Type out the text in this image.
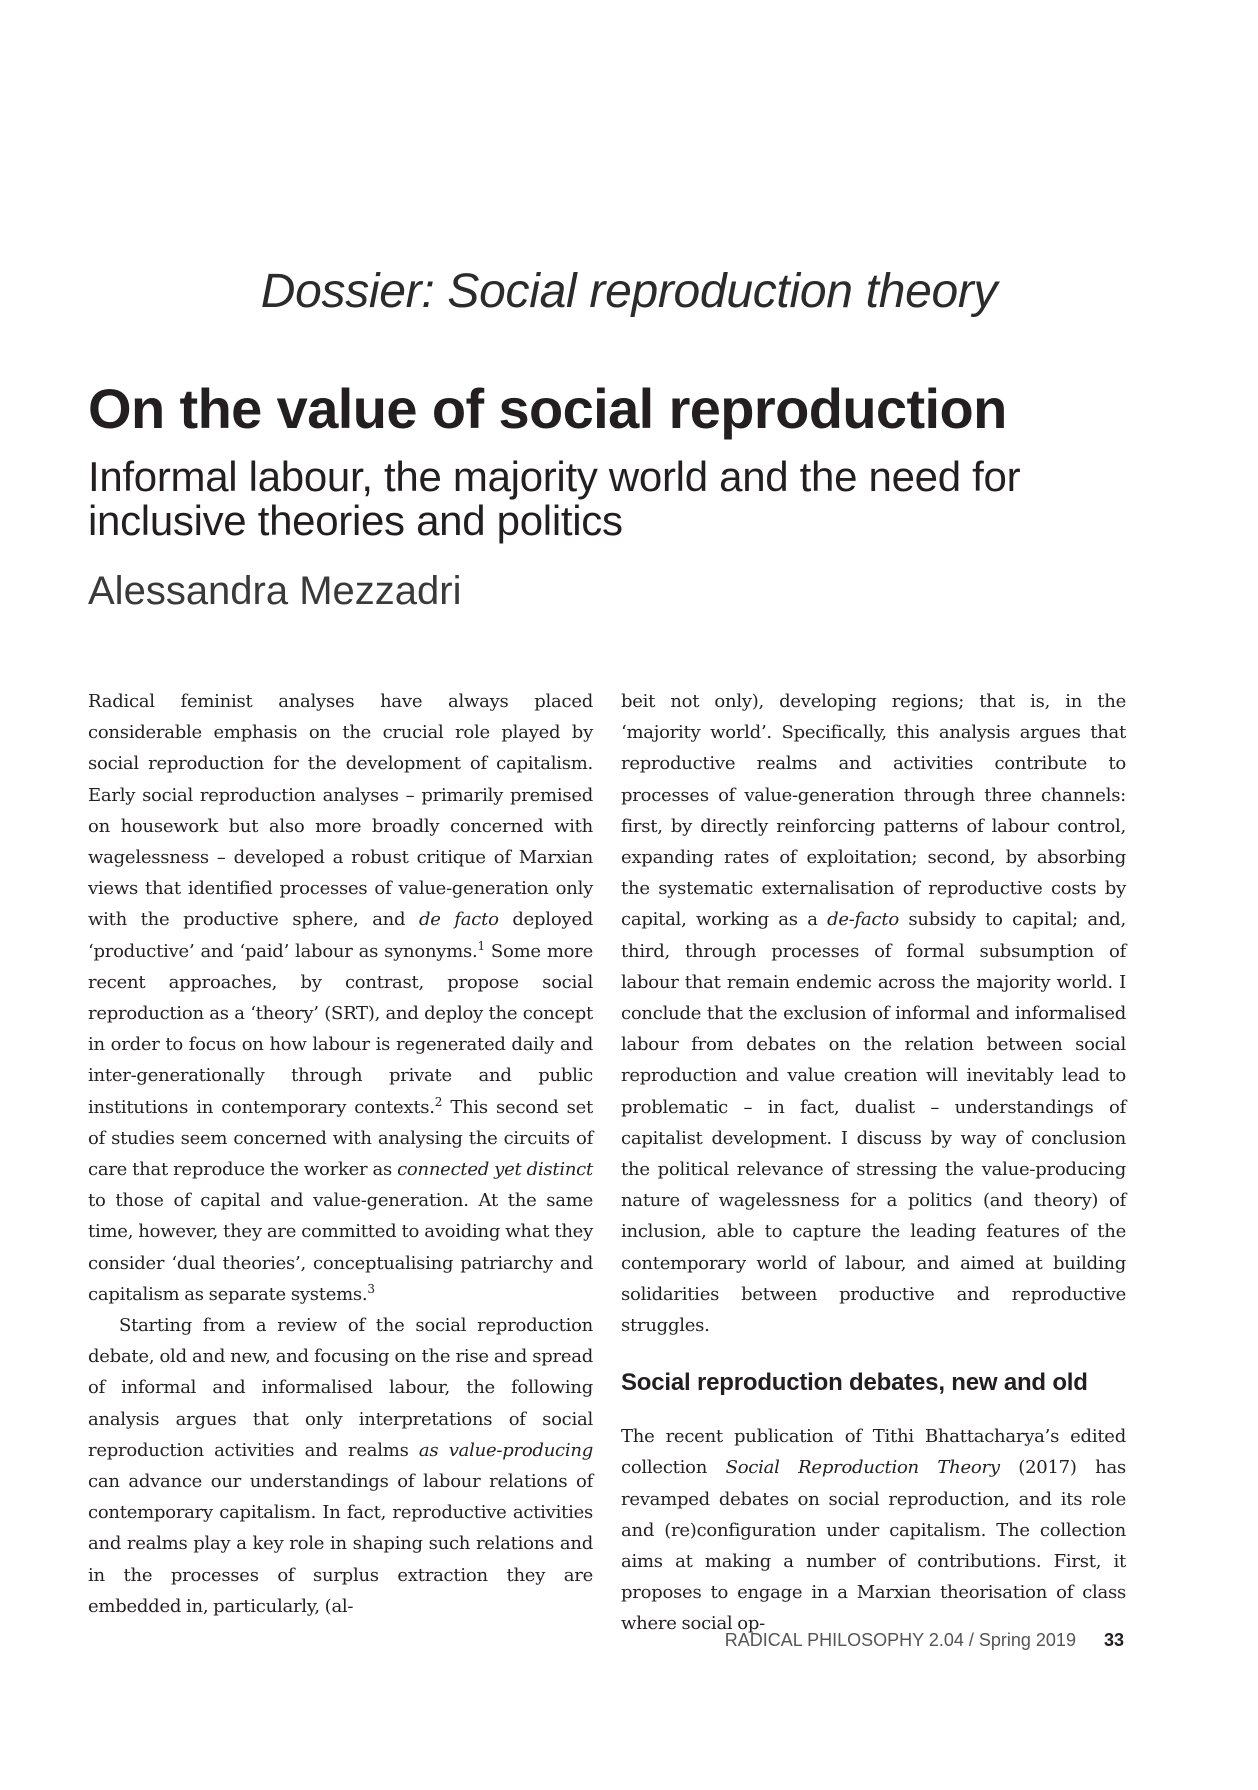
Dossier: Social reproduction theory
On the value of social reproduction
Informal labour, the majority world and the need for inclusive theories and politics
Alessandra Mezzadri

Radical feminist analyses have always placed considerable emphasis on the crucial role played by social reproduction for the development of capitalism. Early social reproduction analyses – primarily premised on housework but also more broadly concerned with wagelessness – developed a robust critique of Marxian views that identified processes of value-generation only with the productive sphere, and de facto deployed ‘productive’ and ‘paid’ labour as synonyms.$^1$ Some more recent approaches, by contrast, propose social reproduction as a ‘theory’ (SRT), and deploy the concept in order to focus on how labour is regenerated daily and inter-generationally through private and public institutions in contemporary contexts.$^2$ This second set of studies seem concerned with analysing the circuits of care that reproduce the worker as connected yet distinct to those of capital and value-generation. At the same time, however, they are committed to avoiding what they consider ‘dual theories’, conceptualising patriarchy and capitalism as separate systems.$^3$

Starting from a review of the social reproduction debate, old and new, and focusing on the rise and spread of informal and informalised labour, the following analysis argues that only interpretations of social reproduction activities and realms as value-producing can advance our understandings of labour relations of contemporary capitalism. In fact, reproductive activities and realms play a key role in shaping such relations and in the processes of surplus extraction they are embedded in, particularly, (al-

beit not only), developing regions; that is, in the ‘majority world’. Specifically, this analysis argues that reproductive realms and activities contribute to processes of value-generation through three channels: first, by directly reinforcing patterns of labour control, expanding rates of exploitation; second, by absorbing the systematic externalisation of reproductive costs by capital, working as a de-facto subsidy to capital; and, third, through processes of formal subsumption of labour that remain endemic across the majority world. I conclude that the exclusion of informal and informalised labour from debates on the relation between social reproduction and value creation will inevitably lead to problematic – in fact, dualist – understandings of capitalist development. I discuss by way of conclusion the political relevance of stressing the value-producing nature of wagelessness for a politics (and theory) of inclusion, able to capture the leading features of the contemporary world of labour, and aimed at building solidarities between productive and reproductive struggles.

Social reproduction debates, new and old

The recent publication of Tithi Bhattacharya’s edited collection Social Reproduction Theory (2017) has revamped debates on social reproduction, and its role and (re)configuration under capitalism. The collection aims at making a number of contributions. First, it proposes to engage in a Marxian theorisation of class where social op-

RADICAL PHILOSOPHY 2.04 / Spring 2019 33
